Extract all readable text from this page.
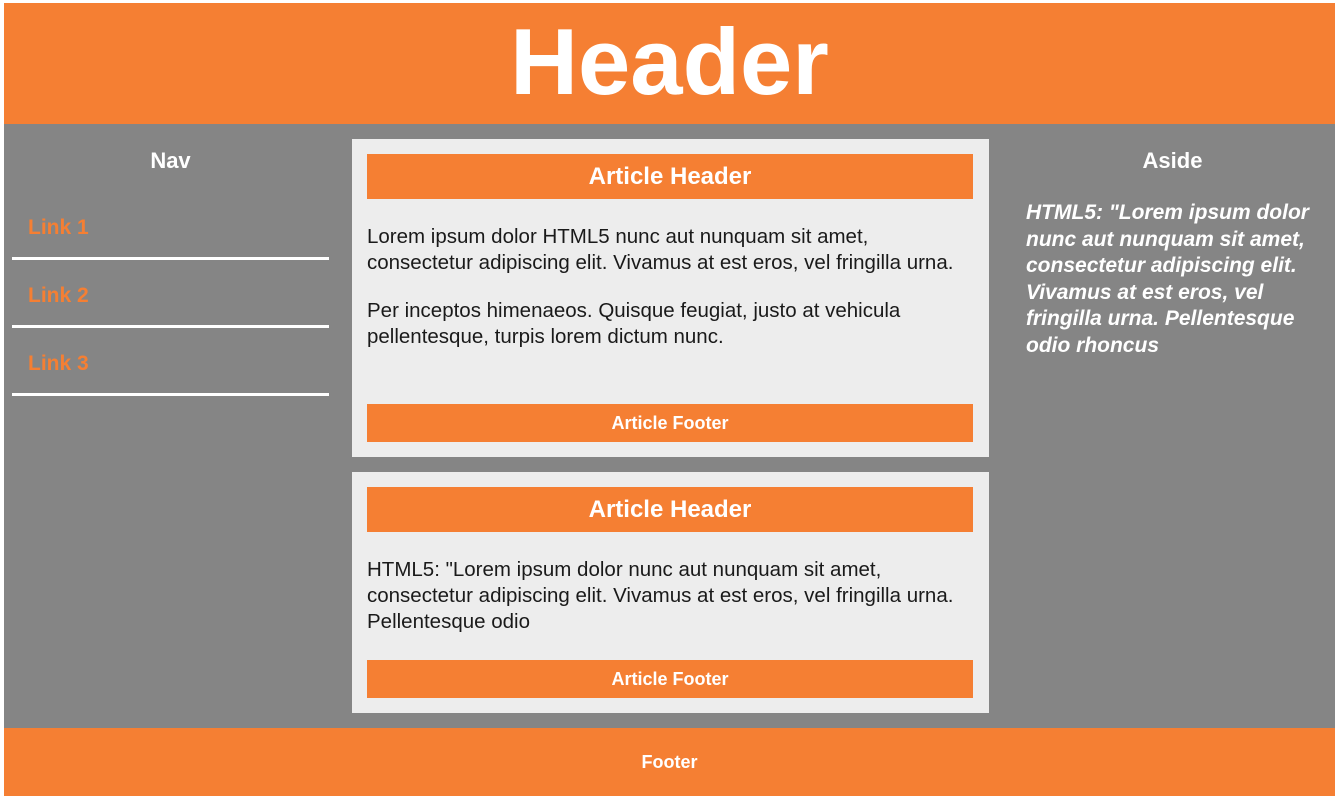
Header
Nav
Link 1
Link 2
Link 3
Article Header

Lorem ipsum dolor HTML5 nunc aut nunquam sit amet, consectetur adipiscing elit. Vivamus at est eros, vel fringilla urna.

Per inceptos himenaeos. Quisque feugiat, justo at vehicula pellentesque, turpis lorem dictum nunc.

Article Footer
Article Header

HTML5: "Lorem ipsum dolor nunc aut nunquam sit amet, consectetur adipiscing elit. Vivamus at est eros, vel fringilla urna. Pellentesque odio

Article Footer
Aside

HTML5: "Lorem ipsum dolor nunc aut nunquam sit amet, consectetur adipiscing elit. Vivamus at est eros, vel fringilla urna. Pellentesque odio rhoncus

Footer
